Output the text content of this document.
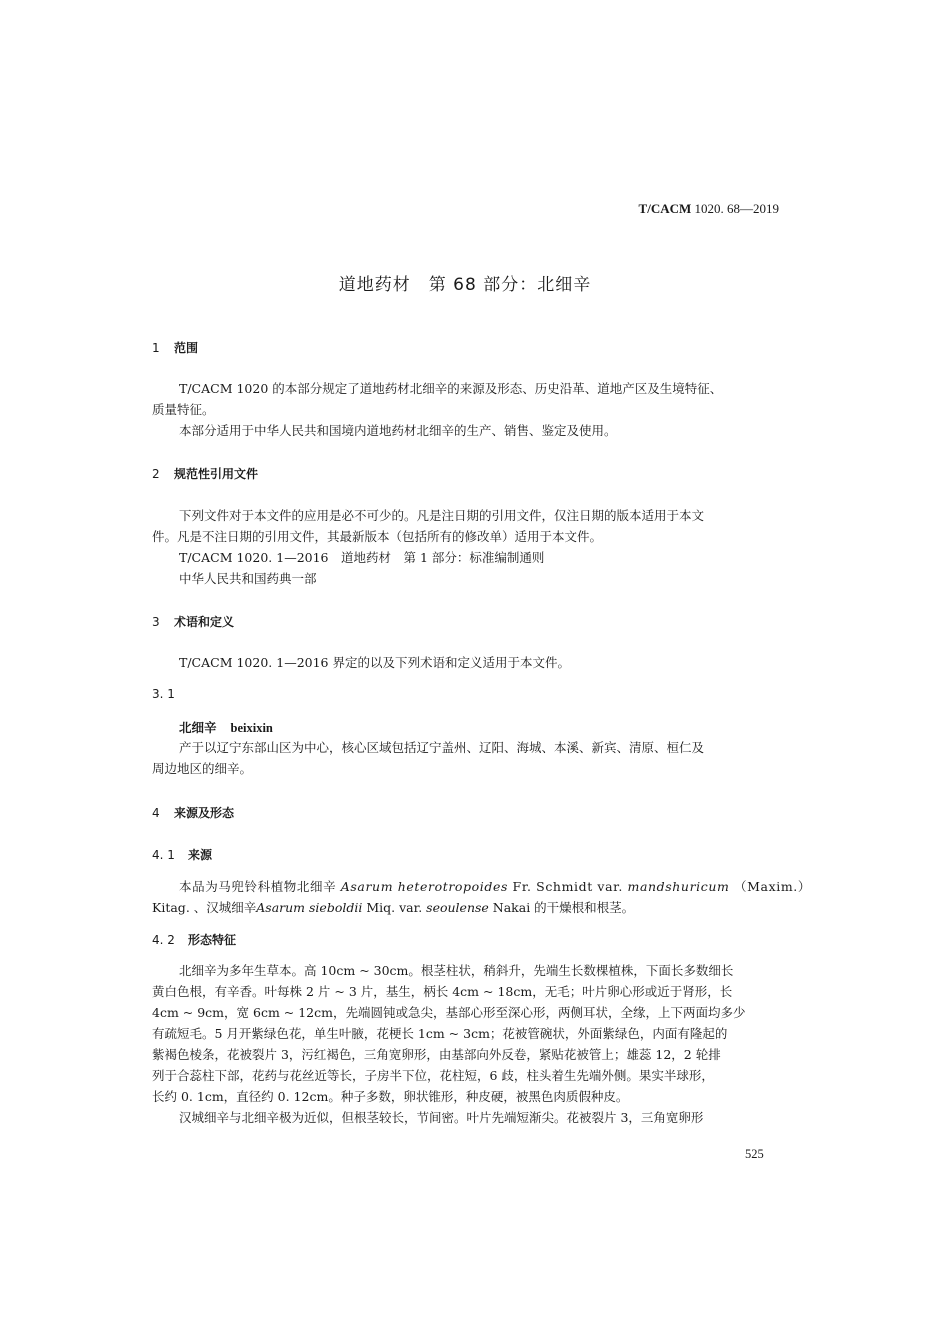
T/CACM 1020. 68—2019
道地药材　第 68 部分：北细辛
1 范围
T/CACM 1020 的本部分规定了道地药材北细辛的来源及形态、历史沿革、道地产区及生境特征、
质量特征。
本部分适用于中华人民共和国境内道地药材北细辛的生产、销售、鉴定及使用。
2 规范性引用文件
下列文件对于本文件的应用是必不可少的。凡是注日期的引用文件，仅注日期的版本适用于本文
件。凡是不注日期的引用文件，其最新版本（包括所有的修改单）适用于本文件。
T/CACM 1020. 1—2016　道地药材　第 1 部分：标准编制通则
中华人民共和国药典一部
3 术语和定义
T/CACM 1020. 1—2016 界定的以及下列术语和定义适用于本文件。
3. 1
北细辛 beixixin
产于以辽宁东部山区为中心，核心区域包括辽宁盖州、辽阳、海城、本溪、新宾、清原、桓仁及
周边地区的细辛。
4 来源及形态
4. 1 来源
本品为马兜铃科植物北细辛 Asarum heterotropoides Fr. Schmidt var. mandshuricum （Maxim.）
Kitag. 、汉城细辛Asarum sieboldii Miq. var. seoulense Nakai 的干燥根和根茎。
4. 2 形态特征
北细辛为多年生草本。高 10cm ~ 30cm。根茎柱状，稍斜升，先端生长数棵植株，下面长多数细长
黄白色根，有辛香。叶每株 2 片 ~ 3 片，基生，柄长 4cm ~ 18cm，无毛；叶片卵心形或近于肾形，长
4cm ~ 9cm，宽 6cm ~ 12cm，先端圆钝或急尖，基部心形至深心形，两侧耳状，全缘，上下两面均多少
有疏短毛。5 月开紫绿色花，单生叶腋，花梗长 1cm ~ 3cm；花被管碗状，外面紫绿色，内面有隆起的
紫褐色棱条，花被裂片 3，污红褐色，三角宽卵形，由基部向外反卷，紧贴花被管上；雄蕊 12，2 轮排
列于合蕊柱下部，花药与花丝近等长，子房半下位，花柱短，6 歧，柱头着生先端外侧。果实半球形，
长约 0. 1cm，直径约 0. 12cm。种子多数，卵状锥形，种皮硬，被黑色肉质假种皮。
汉城细辛与北细辛极为近似，但根茎较长，节间密。叶片先端短渐尖。花被裂片 3，三角宽卵形
525
